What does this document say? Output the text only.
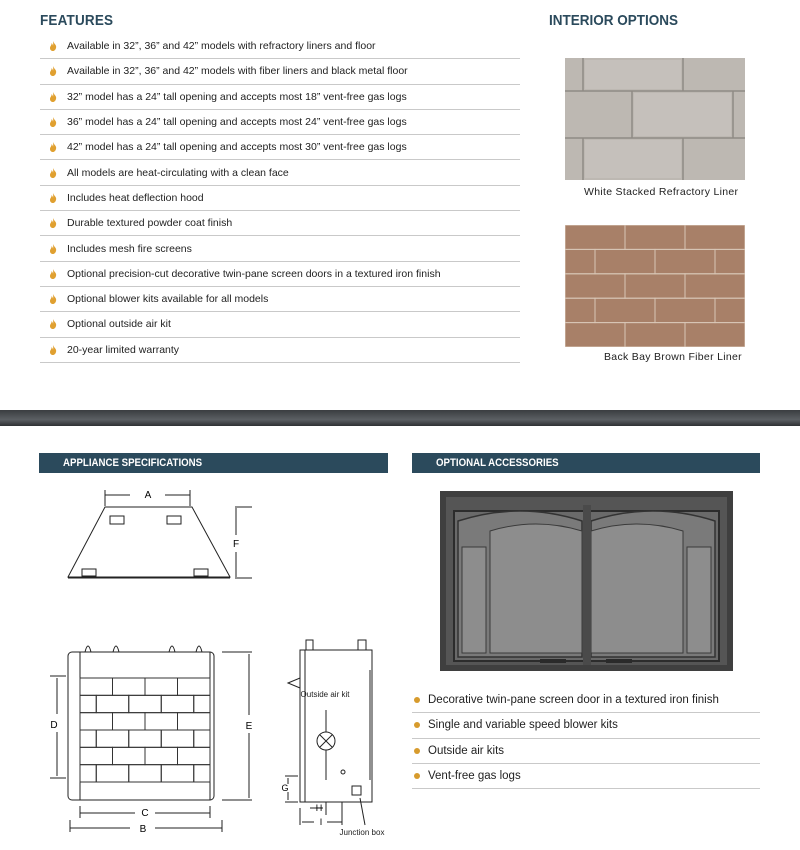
FEATURES
Available in 32”, 36” and 42” models with refractory liners and floor
Available in 32”, 36” and 42” models with fiber liners and black metal floor
32” model has a 24” tall opening and accepts most 18” vent-free gas logs
36” model has a 24” tall opening and accepts most 24” vent-free gas logs
42” model has a 24” tall opening and accepts most 30” vent-free gas logs
All models are heat-circulating with a clean face
Includes heat deflection hood
Durable textured powder coat finish
Includes mesh fire screens
Optional precision-cut decorative twin-pane screen doors in a textured iron finish
Optional blower kits available for all models
Optional outside air kit
20-year limited warranty
INTERIOR OPTIONS
White Stacked Refractory Liner
Back Bay Brown Fiber Liner
APPLIANCE SPECIFICATIONS
A
F
D	E
C
B
G
H
I
Outside air kit
Junction box
OPTIONAL ACCESSORIES
Decorative twin-pane screen door in a textured iron finish
Single and variable speed blower kits
Outside air kits
Vent-free gas logs
